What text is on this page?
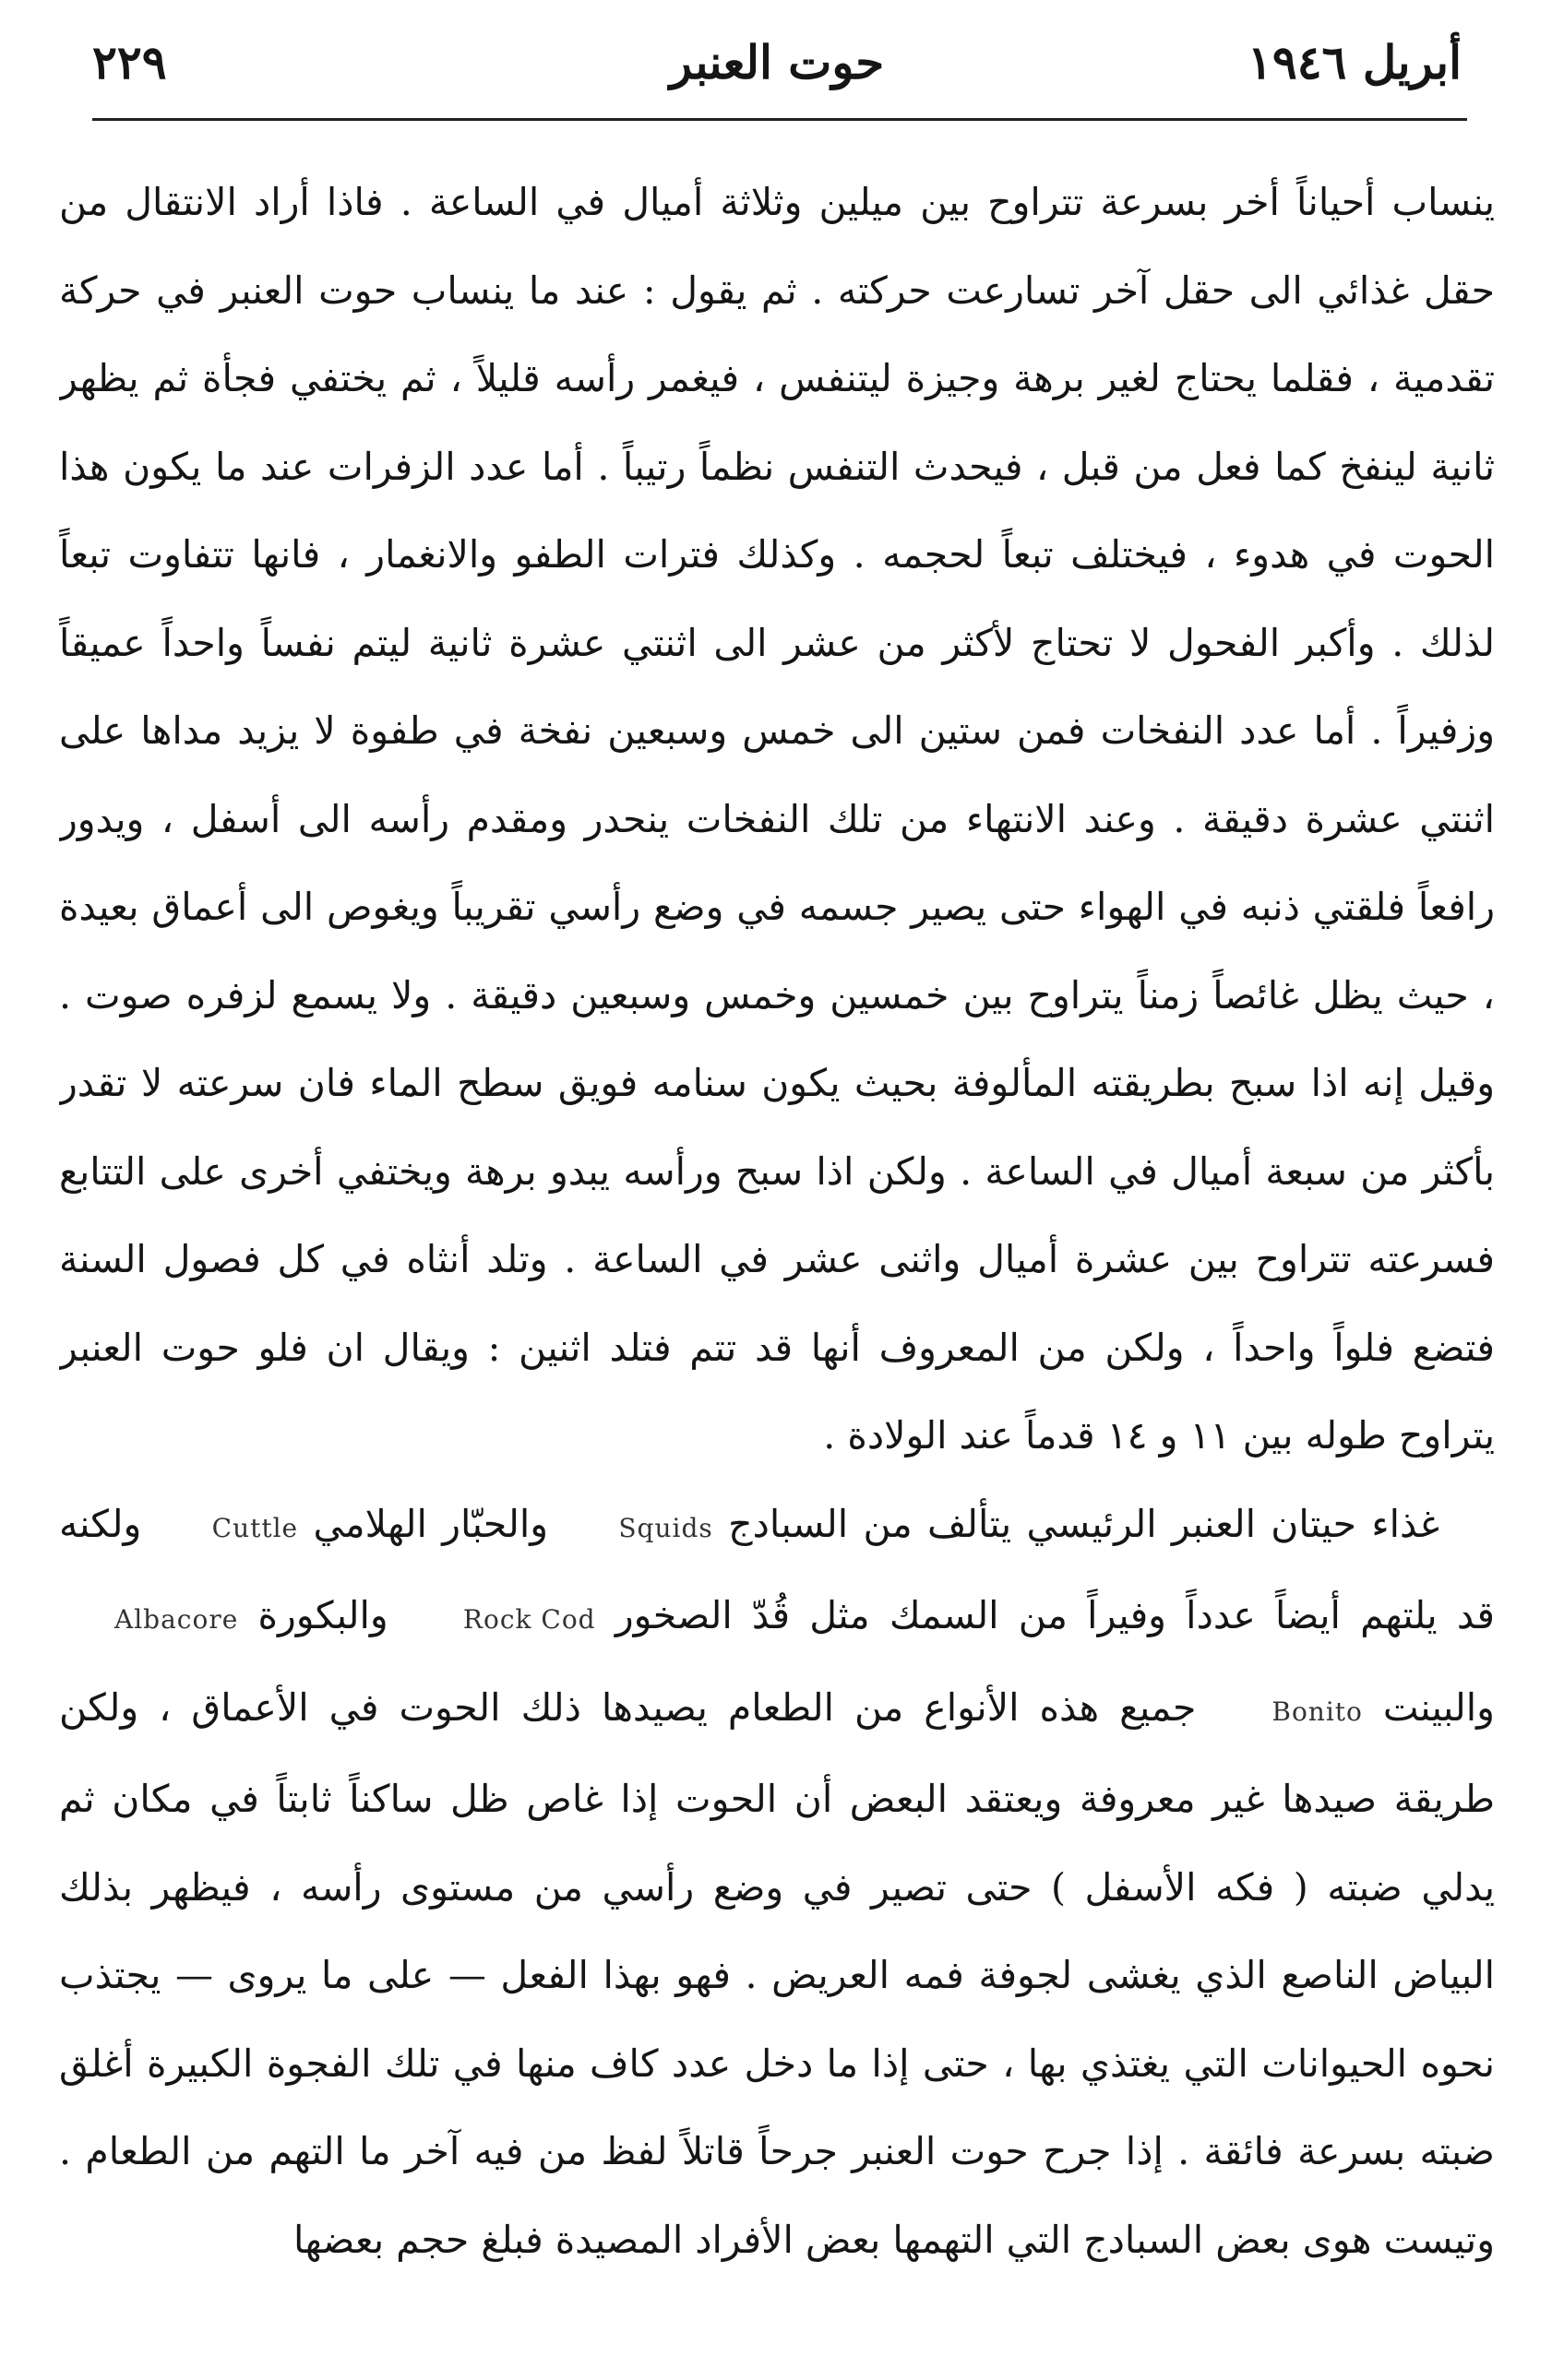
أبريل ١٩٤٦
حوت العنبر
٢٢٩

ينساب أحياناً أخر بسرعة تتراوح بين ميلين وثلاثة أميال في الساعة . فاذا أراد الانتقال من حقل غذائي الى حقل آخر تسارعت حركته . ثم يقول : عند ما ينساب حوت العنبر في حركة تقدمية ، فقلما يحتاج لغير برهة وجيزة ليتنفس ، فيغمر رأسه قليلاً ، ثم يختفي فجأة ثم يظهر ثانية لينفخ كما فعل من قبل ، فيحدث التنفس نظماً رتيباً . أما عدد الزفرات عند ما يكون هذا الحوت في هدوء ، فيختلف تبعاً لحجمه . وكذلك فترات الطفو والانغمار ، فانها تتفاوت تبعاً لذلك . وأكبر الفحول لا تحتاج لأكثر من عشر الى اثنتي عشرة ثانية ليتم نفساً واحداً عميقاً وزفيراً . أما عدد النفخات فمن ستين الى خمس وسبعين نفخة في طفوة لا يزيد مداها على اثنتي عشرة دقيقة . وعند الانتهاء من تلك النفخات ينحدر ومقدم رأسه الى أسفل ، ويدور رافعاً فلقتي ذنبه في الهواء حتى يصير جسمه في وضع رأسي تقريباً ويغوص الى أعماق بعيدة ، حيث يظل غائصاً زمناً يتراوح بين خمسين وخمس وسبعين دقيقة . ولا يسمع لزفره صوت . وقيل إنه اذا سبح بطريقته المألوفة بحيث يكون سنامه فويق سطح الماء فان سرعته لا تقدر بأكثر من سبعة أميال في الساعة . ولكن اذا سبح ورأسه يبدو برهة ويختفي أخرى على التتابع فسرعته تتراوح بين عشرة أميال واثنى عشر في الساعة . وتلد أنثاه في كل فصول السنة فتضع فلواً واحداً ، ولكن من المعروف أنها قد تتم فتلد اثنين : ويقال ان فلو حوت العنبر يتراوح طوله بين ١١ و ١٤ قدماً عند الولادة .

غذاء حيتان العنبر الرئيسي يتألف من السبادج Squids والحبّار الهلامي Cuttle ولكنه قد يلتهم أيضاً عدداً وفيراً من السمك مثل قُدّ الصخور Rock Cod والبكورة Albacore والبينت Bonito جميع هذه الأنواع من الطعام يصيدها ذلك الحوت في الأعماق ، ولكن طريقة صيدها غير معروفة ويعتقد البعض أن الحوت إذا غاص ظل ساكناً ثابتاً في مكان ثم يدلي ضبته ( فكه الأسفل ) حتى تصير في وضع رأسي من مستوى رأسه ، فيظهر بذلك البياض الناصع الذي يغشى لجوفة فمه العريض . فهو بهذا الفعل — على ما يروى — يجتذب نحوه الحيوانات التي يغتذي بها ، حتى إذا ما دخل عدد كاف منها في تلك الفجوة الكبيرة أغلق ضبته بسرعة فائقة . إذا جرح حوت العنبر جرحاً قاتلاً لفظ من فيه آخر ما التهم من الطعام . وتيست هوى بعض السبادج التي التهمها بعض الأفراد المصيدة فبلغ حجم بعضها
